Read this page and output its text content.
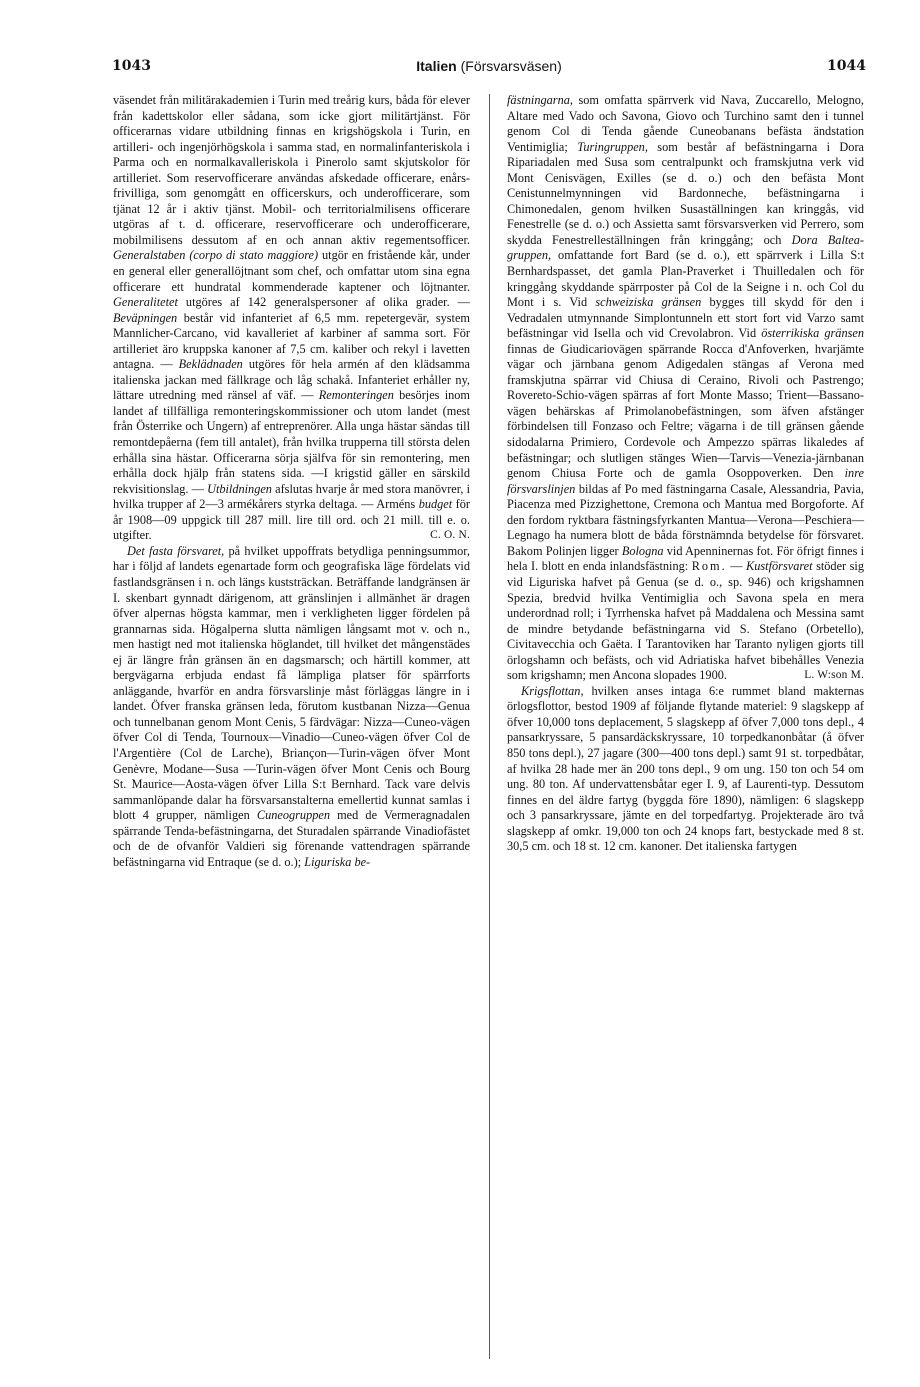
1043	Italien (Försvarsväsen)	1044

väsendet från militärakademien i Turin med treårig kurs, båda för elever från kadettskolor eller sådana, som icke gjort militärtjänst. För officerarnas vidare utbildning finnas en krigshögskola i Turin, en artilleri- och ingenjörhögskola i samma stad, en normalinfanteriskola i Parma och en normalkavalleriskola i Pinerolo samt skjutskolor för artilleriet. Som reservofficerare användas afskedade officerare, enårs-frivilliga, som genomgått en officerskurs, och underofficerare, som tjänat 12 år i aktiv tjänst. Mobil- och territorialmilisens officerare utgöras af t. d. officerare, reservofficerare och underofficerare, mobilmilisens dessutom af en och annan aktiv regementsofficer. Generalstaben (corpo di stato maggiore) utgör en fristående kår, under en general eller generallöjtnant som chef, och omfattar utom sina egna officerare ett hundratal kommenderade kaptener och löjtnanter. Generalitetet utgöres af 142 generalspersoner af olika grader. — Beväpningen består vid infanteriet af 6,5 mm. repetergevär, system Mannlicher-Carcano, vid kavalleriet af karbiner af samma sort. För artilleriet äro kruppska kanoner af 7,5 cm. kaliber och rekyl i lavetten antagna. — Beklädnaden utgöres för hela armén af den klädsamma italienska jackan med fällkrage och låg schakå. Infanteriet erhåller ny, lättare utredning med ränsel af väf. — Remonteringen besörjes inom landet af tillfälliga remonteringskommissioner och utom landet (mest från Österrike och Ungern) af entreprenörer. Alla unga hästar sändas till remontdepåerna (fem till antalet), från hvilka trupperna till största delen erhålla sina hästar. Officerarna sörja själfva för sin remontering, men erhålla dock hjälp från statens sida. —I krigstid gäller en särskild rekvisitionslag. — Utbildningen afslutas hvarje år med stora manövrer, i hvilka trupper af 2—3 armékårers styrka deltaga. — Arméns budget för år 1908—09 uppgick till 287 mill. lire till ord. och 21 mill. till e. o. utgifter.	C. O. N.

Det fasta försvaret, på hvilket uppoffrats betydliga penningsummor, har i följd af landets egenartade form och geografiska läge fördelats vid fastlandsgränsen i n. och längs kuststräckan. Beträffande landgränsen är I. skenbart gynnadt därigenom, att gränslinjen i allmänhet är dragen öfver alpernas högsta kammar, men i verkligheten ligger fördelen på grannarnas sida. Högalperna slutta nämligen långsamt mot v. och n., men hastigt ned mot italienska höglandet, till hvilket det mångenstädes ej är längre från gränsen än en dagsmarsch; och härtill kommer, att bergvägarna erbjuda endast få lämpliga platser för spärrforts anläggande, hvarför en andra försvarslinje måst förläggas längre in i landet. Öfver franska gränsen leda, förutom kustbanan Nizza—Genua och tunnelbanan genom Mont Cenis, 5 färdvägar: Nizza—Cuneo-vägen öfver Col di Tenda, Tournoux—Vinadio—Cuneo-vägen öfver Col de l'Argentière (Col de Larche), Briançon—Turin-vägen öfver Mont Genèvre, Modane—Susa —Turin-vägen öfver Mont Cenis och Bourg St. Maurice—Aosta-vägen öfver Lilla S:t Bernhard. Tack vare delvis sammanlöpande dalar ha försvarsanstalterna emellertid kunnat samlas i blott 4 grupper, nämligen Cuneogruppen med de Vermeragnadalen spärrande Tenda-befästningarna, det Sturadalen spärrande Vinadiofästet och de de ofvanför Valdieri sig förenande vattendragen spärrande befästningarna vid Entraque (se d. o.); Liguriska be-

fästningarna, som omfatta spärrverk vid Nava, Zuccarello, Melogno, Altare med Vado och Savona, Giovo och Turchino samt den i tunnel genom Col di Tenda gående Cuneobanans befästa ändstation Ventimiglia; Turingruppen, som består af befästningarna i Dora Ripariadalen med Susa som centralpunkt och framskjutna verk vid Mont Cenisvägen, Exilles (se d. o.) och den befästa Mont Cenistunnelmynningen vid Bardonneche, befästningarna i Chimonedalen, genom hvilken Susaställningen kan kringgås, vid Fenestrelle (se d. o.) och Assietta samt försvarsverken vid Perrero, som skydda Fenestrelleställningen från kringgång; och Dora Baltea-gruppen, omfattande fort Bard (se d. o.), ett spärrverk i Lilla S:t Bernhardspasset, det gamla Plan-Praverket i Thuilledalen och för kringgång skyddande spärrposter på Col de la Seigne i n. och Col du Mont i s. Vid schweiziska gränsen bygges till skydd för den i Vedradalen utmynnande Simplontunneln ett stort fort vid Varzo samt befästningar vid Isella och vid Crevolabron. Vid österrikiska gränsen finnas de Giudicariovägen spärrande Rocca d'Anfoverken, hvarjämte vägar och järnbana genom Adigedalen stängas af Verona med framskjutna spärrar vid Chiusa di Ceraino, Rivoli och Pastrengo; Rovereto-Schio-vägen spärras af fort Monte Masso; Trient—Bassano-vägen behärskas af Primolanobefästningen, som äfven afstänger förbindelsen till Fonzaso och Feltre; vägarna i de till gränsen gående sidodalarna Primiero, Cordevole och Ampezzo spärras likaledes af befästningar; och slutligen stänges Wien—Tarvis—Venezia-järnbanan genom Chiusa Forte och de gamla Osoppoverken. Den inre försvarslinjen bildas af Po med fästningarna Casale, Alessandria, Pavia, Piacenza med Pizzighettone, Cremona och Mantua med Borgoforte. Af den fordom ryktbara fästningsfyrkanten Mantua—Verona—Peschiera—Legnago ha numera blott de båda förstnämnda betydelse för försvaret. Bakom Polinjen ligger Bologna vid Apenninernas fot. För öfrigt finnes i hela I. blott en enda inlandsfästning: Rom. — Kustförsvaret stöder sig vid Liguriska hafvet på Genua (se d. o., sp. 946) och krigshamnen Spezia, bredvid hvilka Ventimiglia och Savona spela en mera underordnad roll; i Tyrrhenska hafvet på Maddalena och Messina samt de mindre betydande befästningarna vid S. Stefano (Orbetello), Civitavecchia och Gaëta. I Tarantoviken har Taranto nyligen gjorts till örlogshamn och befästs, och vid Adriatiska hafvet bibehålles Venezia som krigshamn; men Ancona slopades 1900.	L. W:son M.

Krigsflottan, hvilken anses intaga 6:e rummet bland makternas örlogsflottor, bestod 1909 af följande flytande materiel: 9 slagskepp af öfver 10,000 tons deplacement, 5 slagskepp af öfver 7,000 tons depl., 4 pansarkryssare, 5 pansardäckskryssare, 10 torpedkanonbåtar (å öfver 850 tons depl.), 27 jagare (300—400 tons depl.) samt 91 st. torpedbåtar, af hvilka 28 hade mer än 200 tons depl., 9 om ung. 150 ton och 54 om ung. 80 ton. Af undervattensbåtar eger I. 9, af Laurenti-typ. Dessutom finnes en del äldre fartyg (byggda före 1890), nämligen: 6 slagskepp och 3 pansarkryssare, jämte en del torpedfartyg. Projekterade äro två slagskepp af omkr. 19,000 ton och 24 knops fart, bestyckade med 8 st. 30,5 cm. och 18 st. 12 cm. kanoner. Det italienska fartygen
